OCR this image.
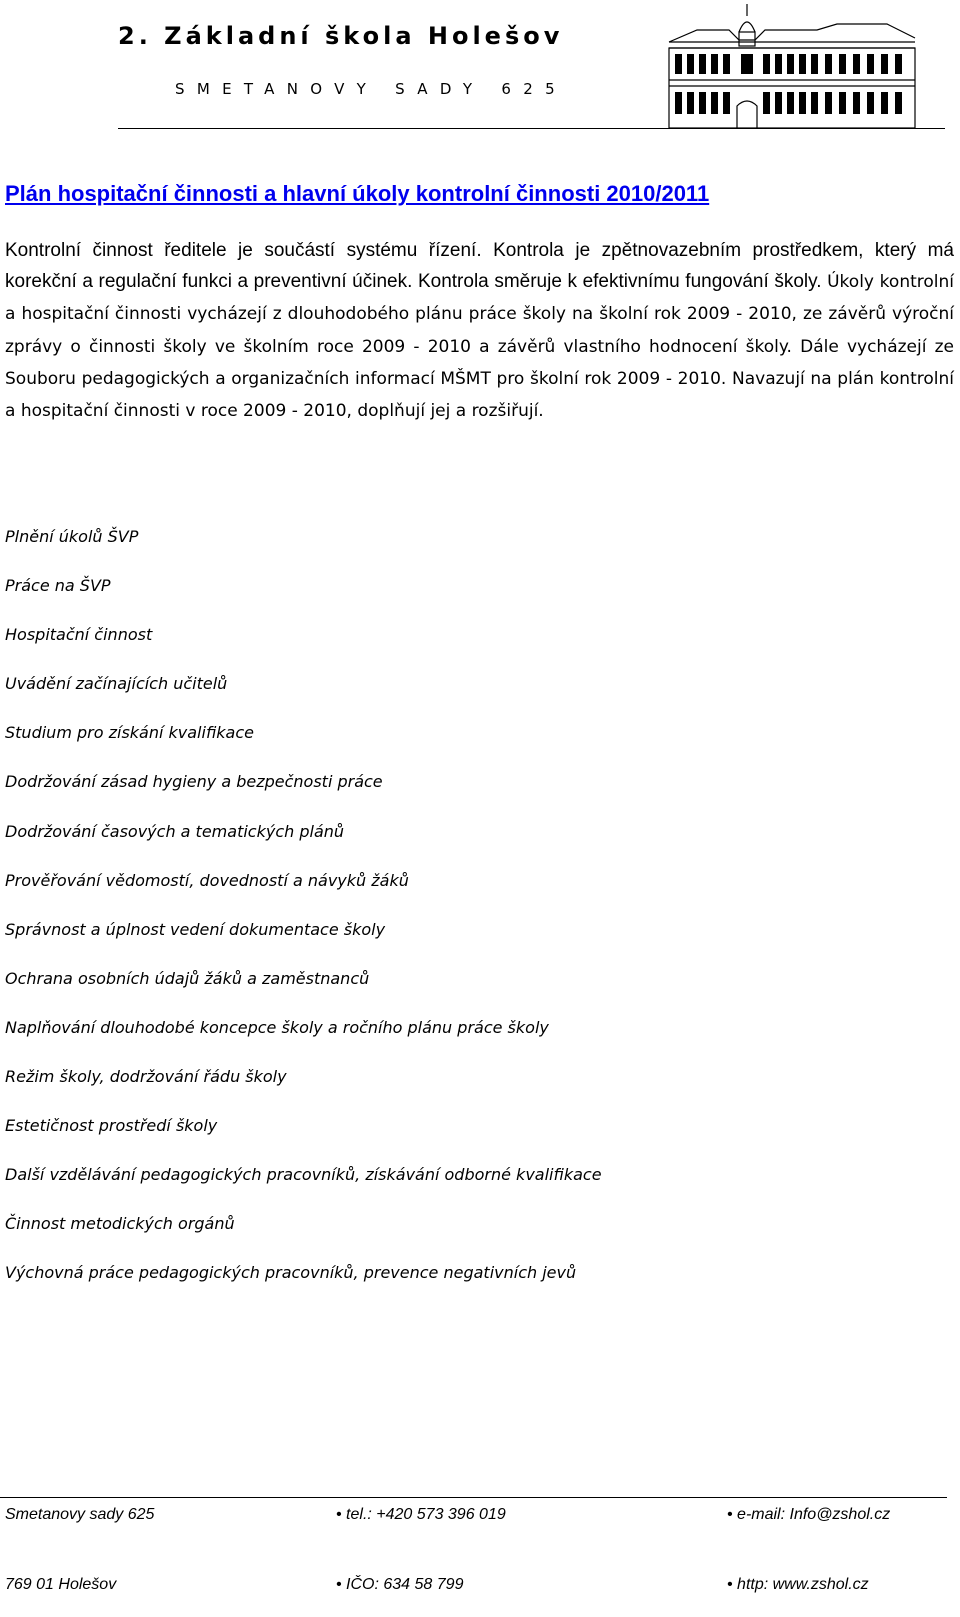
2. Základní škola Holešov
SMETANOVY SADY 625
Plán hospitační činnosti a hlavní úkoly kontrolní činnosti 2010/2011

Kontrolní činnost ředitele je součástí systému řízení. Kontrola je zpětnovazebním prostředkem, který má korekční a regulační funkci a preventivní účinek. Kontrola směruje k efektivnímu fungování školy. Úkoly kontrolní a hospitační činnosti vycházejí z dlouhodobého plánu práce školy na školní rok 2009 - 2010, ze závěrů výroční zprávy o činnosti školy ve školním roce 2009 - 2010 a závěrů vlastního hodnocení školy. Dále vycházejí ze Souboru pedagogických a organizačních informací MŠMT pro školní rok 2009 - 2010. Navazují na plán kontrolní a hospitační činnosti v roce 2009 - 2010, doplňují jej a rozšiřují.

Plnění úkolů ŠVP
Práce na ŠVP
Hospitační činnost
Uvádění začínajících učitelů
Studium pro získání kvalifikace
Dodržování zásad hygieny a bezpečnosti práce
Dodržování časových a tematických plánů
Prověřování vědomostí, dovedností a návyků žáků
Správnost a úplnost vedení dokumentace školy
Ochrana osobních údajů žáků a zaměstnanců
Naplňování dlouhodobé koncepce školy a ročního plánu práce školy
Režim školy, dodržování řádu školy
Estetičnost prostředí školy
Další vzdělávání pedagogických pracovníků, získávání odborné kvalifikace
Činnost metodických orgánů
Výchovná práce pedagogických pracovníků, prevence negativních jevů
Smetanovy sady 625	• tel.: +420 573 396 019	• e-mail: Info@zshol.cz
769 01 Holešov	• IČO: 634 58 799	• http: www.zshol.cz
